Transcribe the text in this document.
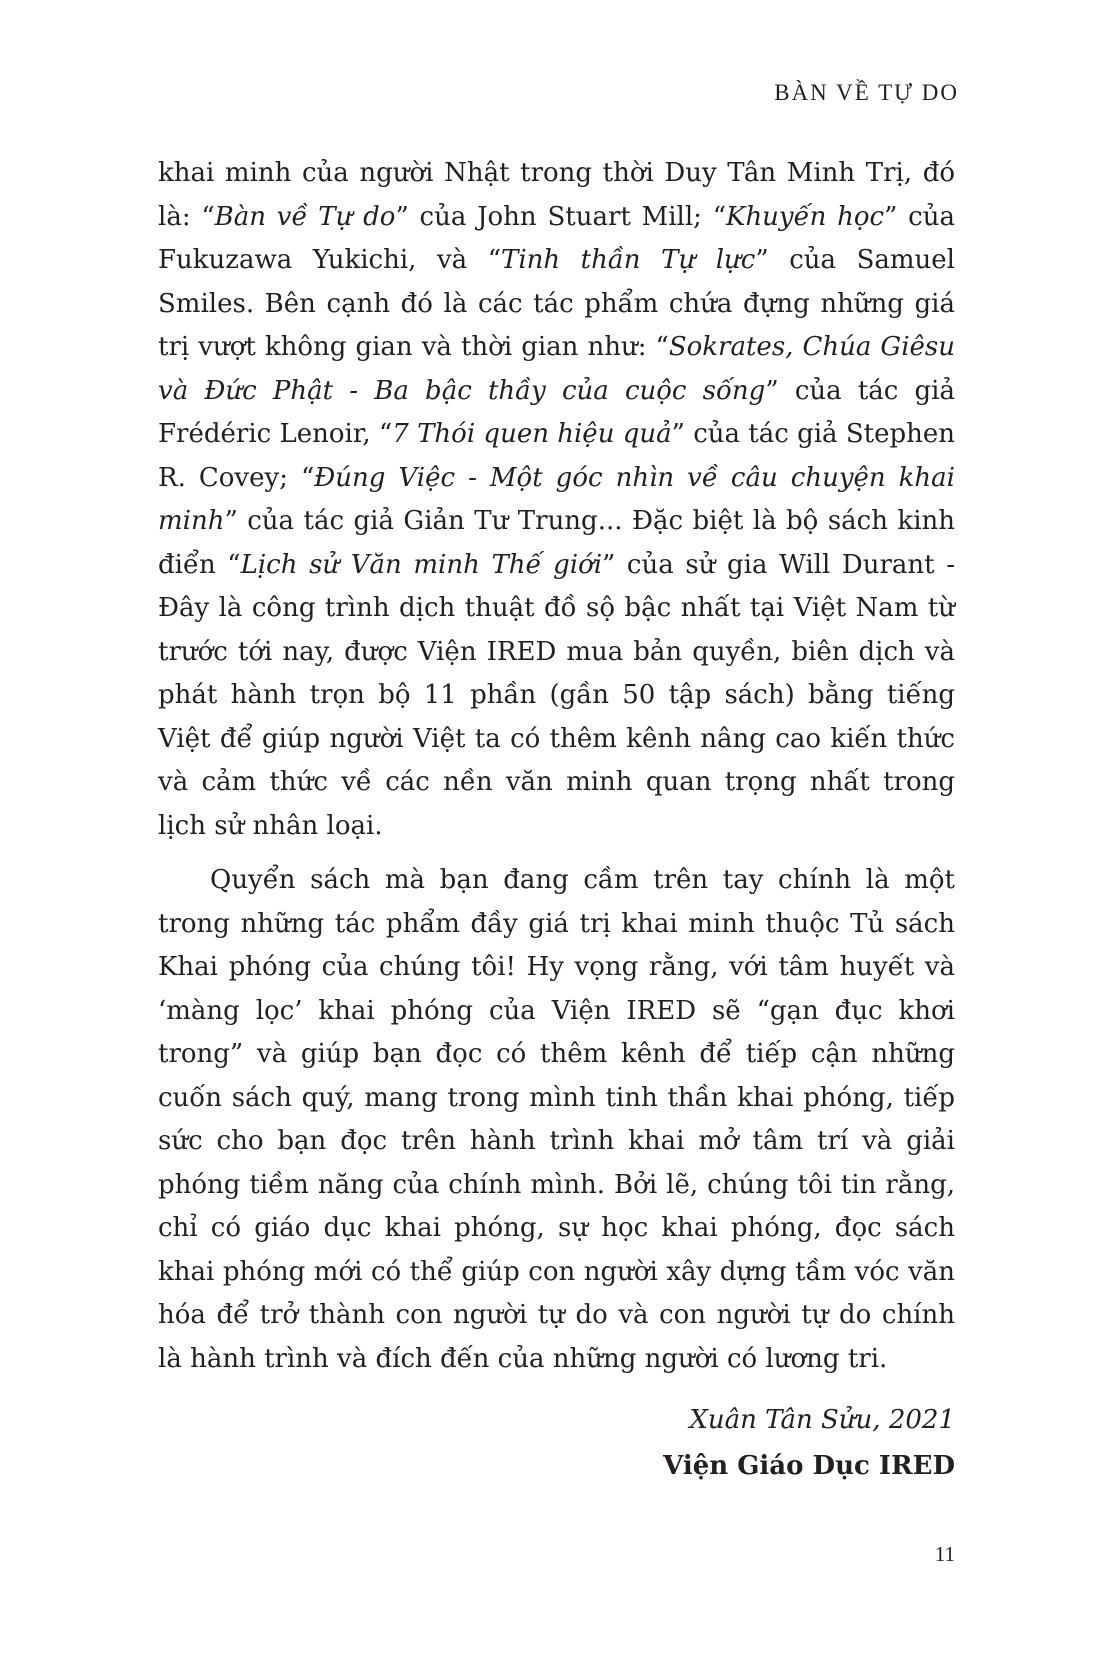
BÀN VỀ TỰ DO

khai minh của người Nhật trong thời Duy Tân Minh Trị, đó là: “Bàn về Tự do” của John Stuart Mill; “Khuyến học” của Fukuzawa Yukichi, và “Tinh thần Tự lực” của Samuel Smiles. Bên cạnh đó là các tác phẩm chứa đựng những giá trị vượt không gian và thời gian như: “Sokrates, Chúa Giêsu và Đức Phật - Ba bậc thầy của cuộc sống” của tác giả Frédéric Lenoir, “7 Thói quen hiệu quả” của tác giả Stephen R. Covey; “Đúng Việc - Một góc nhìn về câu chuyện khai minh” của tác giả Giản Tư Trung... Đặc biệt là bộ sách kinh điển “Lịch sử Văn minh Thế giới” của sử gia Will Durant - Đây là công trình dịch thuật đồ sộ bậc nhất tại Việt Nam từ trước tới nay, được Viện IRED mua bản quyền, biên dịch và phát hành trọn bộ 11 phần (gần 50 tập sách) bằng tiếng Việt để giúp người Việt ta có thêm kênh nâng cao kiến thức và cảm thức về các nền văn minh quan trọng nhất trong lịch sử nhân loại.

Quyển sách mà bạn đang cầm trên tay chính là một trong những tác phẩm đầy giá trị khai minh thuộc Tủ sách Khai phóng của chúng tôi! Hy vọng rằng, với tâm huyết và ‘màng lọc’ khai phóng của Viện IRED sẽ “gạn đục khơi trong” và giúp bạn đọc có thêm kênh để tiếp cận những cuốn sách quý, mang trong mình tinh thần khai phóng, tiếp sức cho bạn đọc trên hành trình khai mở tâm trí và giải phóng tiềm năng của chính mình. Bởi lẽ, chúng tôi tin rằng, chỉ có giáo dục khai phóng, sự học khai phóng, đọc sách khai phóng mới có thể giúp con người xây dựng tầm vóc văn hóa để trở thành con người tự do và con người tự do chính là hành trình và đích đến của những người có lương tri.

Xuân Tân Sửu, 2021
Viện Giáo Dục IRED
11
